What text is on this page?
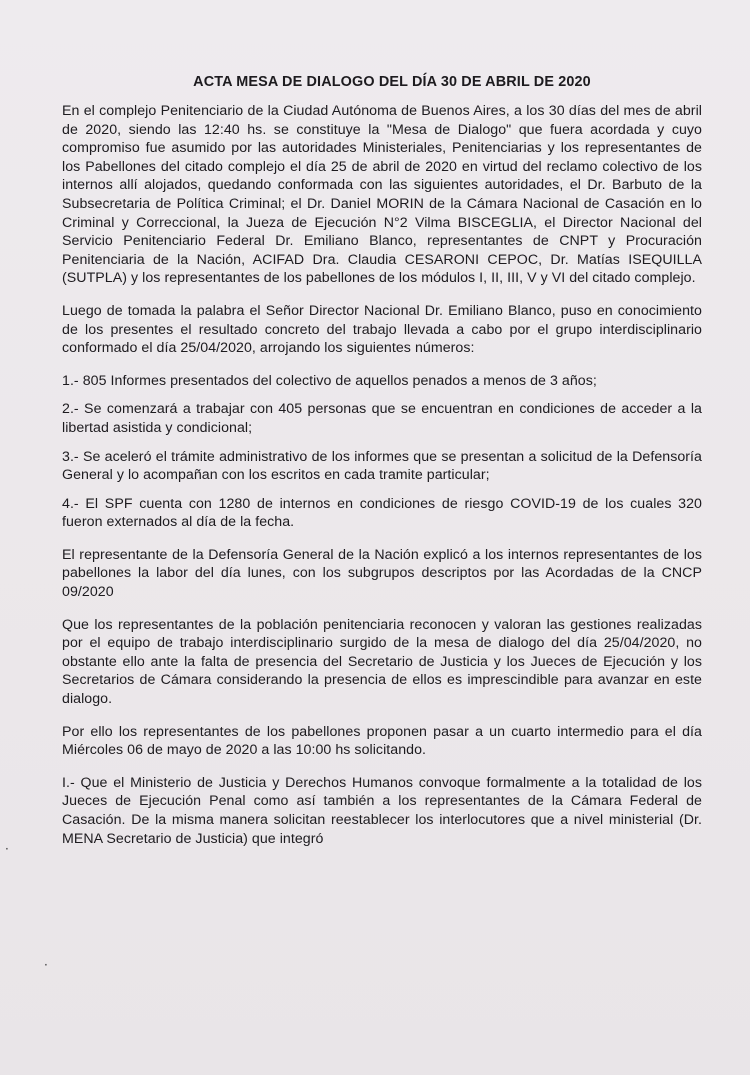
ACTA MESA DE DIALOGO DEL DÍA 30 DE ABRIL DE 2020

En el complejo Penitenciario de la Ciudad Autónoma de Buenos Aires, a los 30 días del mes de abril de 2020, siendo las 12:40 hs. se constituye la "Mesa de Dialogo" que fuera acordada y cuyo compromiso fue asumido por las autoridades Ministeriales, Penitenciarias y los representantes de los Pabellones del citado complejo el día 25 de abril de 2020 en virtud del reclamo colectivo de los internos allí alojados, quedando conformada con las siguientes autoridades, el Dr. Barbuto de la Subsecretaria de Política Criminal; el Dr. Daniel MORIN de la Cámara Nacional de Casación en lo Criminal y Correccional, la Jueza de Ejecución N°2 Vilma BISCEGLIA, el Director Nacional del Servicio Penitenciario Federal Dr. Emiliano Blanco, representantes de CNPT y Procuración Penitenciaria de la Nación, ACIFAD Dra. Claudia CESARONI CEPOC, Dr. Matías ISEQUILLA (SUTPLA) y los representantes de los pabellones de los módulos I, II, III, V y VI del citado complejo.

Luego de tomada la palabra el Señor Director Nacional Dr. Emiliano Blanco, puso en conocimiento de los presentes el resultado concreto del trabajo llevada a cabo por el grupo interdisciplinario conformado el día 25/04/2020, arrojando los siguientes números:

1.- 805 Informes presentados del colectivo de aquellos penados a menos de 3 años;

2.- Se comenzará a trabajar con 405 personas que se encuentran en condiciones de acceder a la libertad asistida y condicional;

3.- Se aceleró el trámite administrativo de los informes que se presentan a solicitud de la Defensoría General y lo acompañan con los escritos en cada tramite particular;

4.- El SPF cuenta con 1280 de internos en condiciones de riesgo COVID-19 de los cuales 320 fueron externados al día de la fecha.

El representante de la Defensoría General de la Nación explicó a los internos representantes de los pabellones la labor del día lunes, con los subgrupos descriptos por las Acordadas de la CNCP 09/2020

Que los representantes de la población penitenciaria reconocen y valoran las gestiones realizadas por el equipo de trabajo interdisciplinario surgido de la mesa de dialogo del día 25/04/2020, no obstante ello ante la falta de presencia del Secretario de Justicia y los Jueces de Ejecución y los Secretarios de Cámara considerando la presencia de ellos es imprescindible para avanzar en este dialogo.

Por ello los representantes de los pabellones proponen pasar a un cuarto intermedio para el día Miércoles 06 de mayo de 2020 a las 10:00 hs solicitando.

I.- Que el Ministerio de Justicia y Derechos Humanos convoque formalmente a la totalidad de los Jueces de Ejecución Penal como así también a los representantes de la Cámara Federal de Casación. De la misma manera solicitan reestablecer los interlocutores que a nivel ministerial (Dr. MENA Secretario de Justicia) que integró

·
·
